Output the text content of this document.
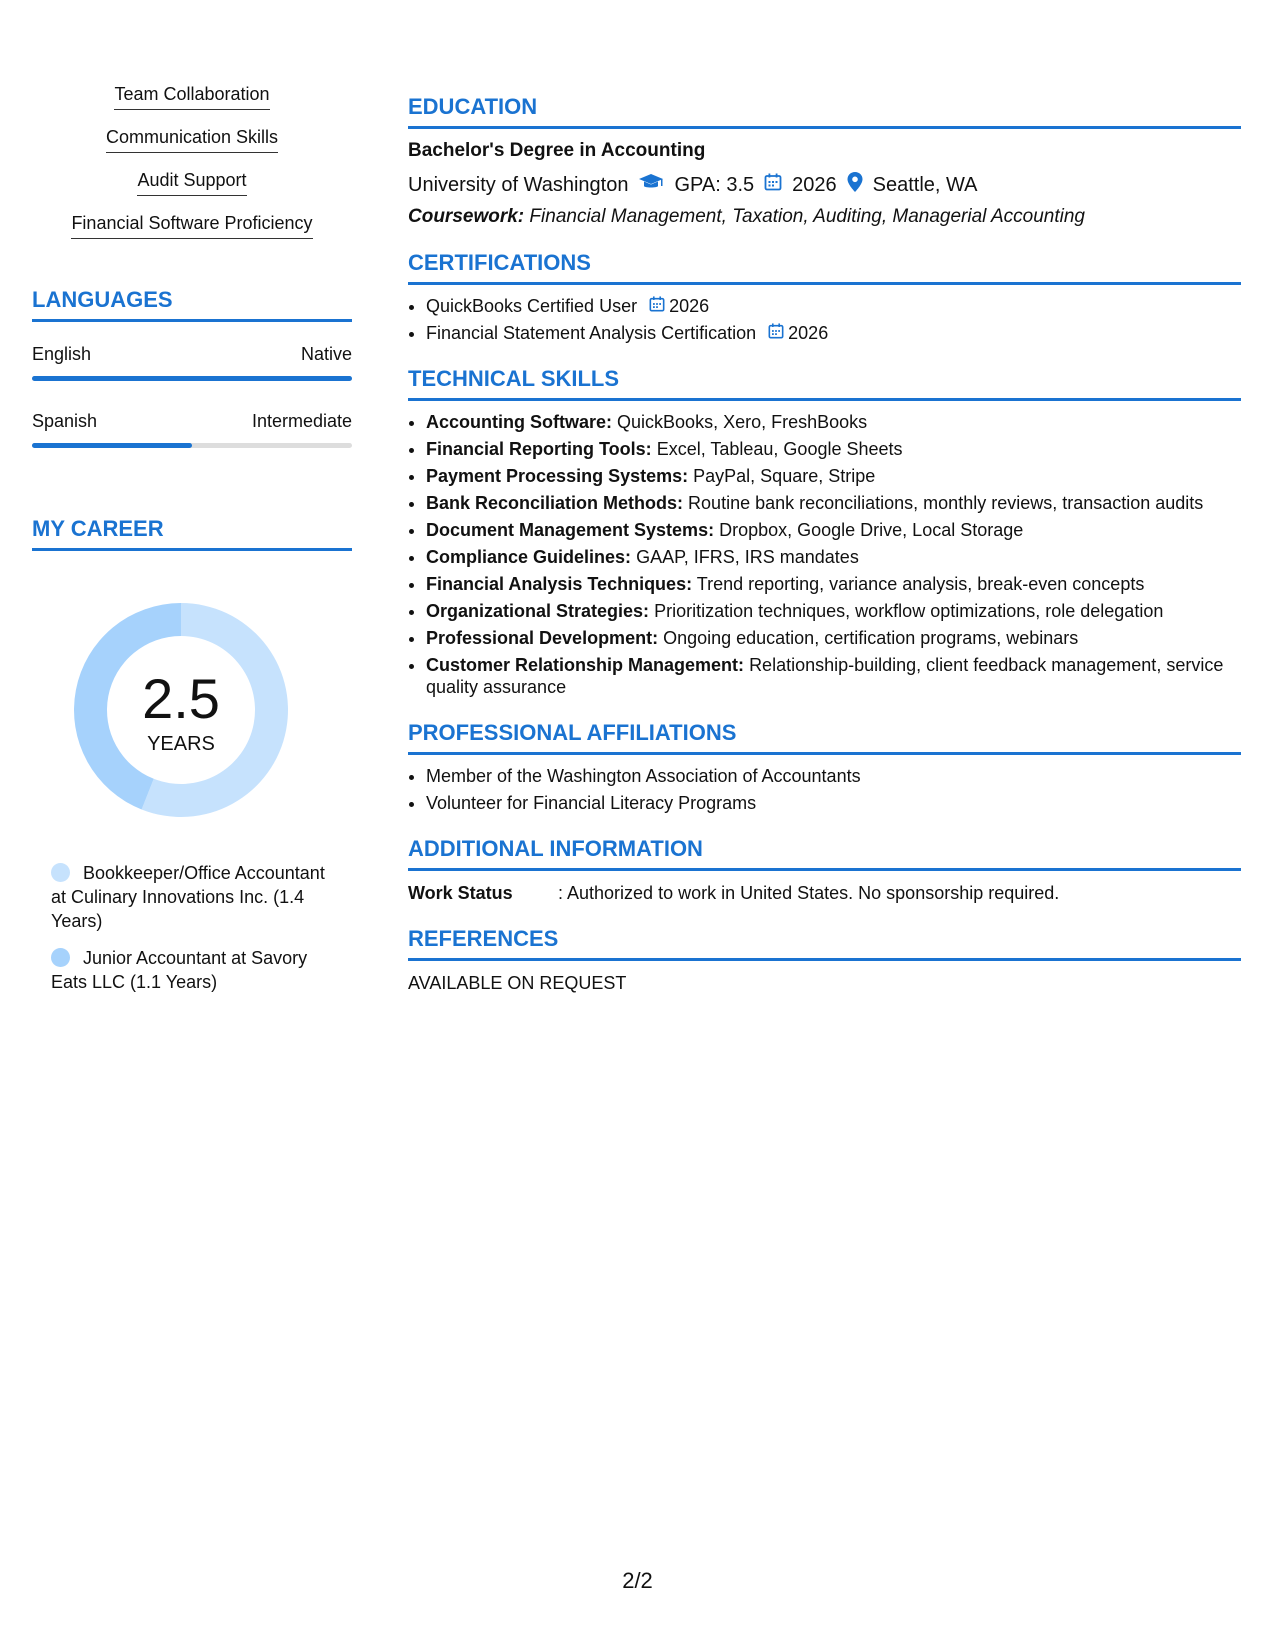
Team Collaboration
Communication Skills
Audit Support
Financial Software Proficiency
LANGUAGES
English	Native
Spanish	Intermediate
MY CAREER
2.5
YEARS
Bookkeeper/Office Accountant at Culinary Innovations Inc. (1.4 Years)
Junior Accountant at Savory Eats LLC (1.1 Years)
EDUCATION
Bachelor's Degree in Accounting
University of Washington GPA: 3.5 2026 Seattle, WA
Coursework: Financial Management, Taxation, Auditing, Managerial Accounting
CERTIFICATIONS
• QuickBooks Certified User 2026
• Financial Statement Analysis Certification 2026
TECHNICAL SKILLS
• Accounting Software: QuickBooks, Xero, FreshBooks
• Financial Reporting Tools: Excel, Tableau, Google Sheets
• Payment Processing Systems: PayPal, Square, Stripe
• Bank Reconciliation Methods: Routine bank reconciliations, monthly reviews, transaction audits
• Document Management Systems: Dropbox, Google Drive, Local Storage
• Compliance Guidelines: GAAP, IFRS, IRS mandates
• Financial Analysis Techniques: Trend reporting, variance analysis, break-even concepts
• Organizational Strategies: Prioritization techniques, workflow optimizations, role delegation
• Professional Development: Ongoing education, certification programs, webinars
• Customer Relationship Management: Relationship-building, client feedback management, service quality assurance
PROFESSIONAL AFFILIATIONS
• Member of the Washington Association of Accountants
• Volunteer for Financial Literacy Programs
ADDITIONAL INFORMATION
Work Status	: Authorized to work in United States. No sponsorship required.
REFERENCES
AVAILABLE ON REQUEST
2/2
